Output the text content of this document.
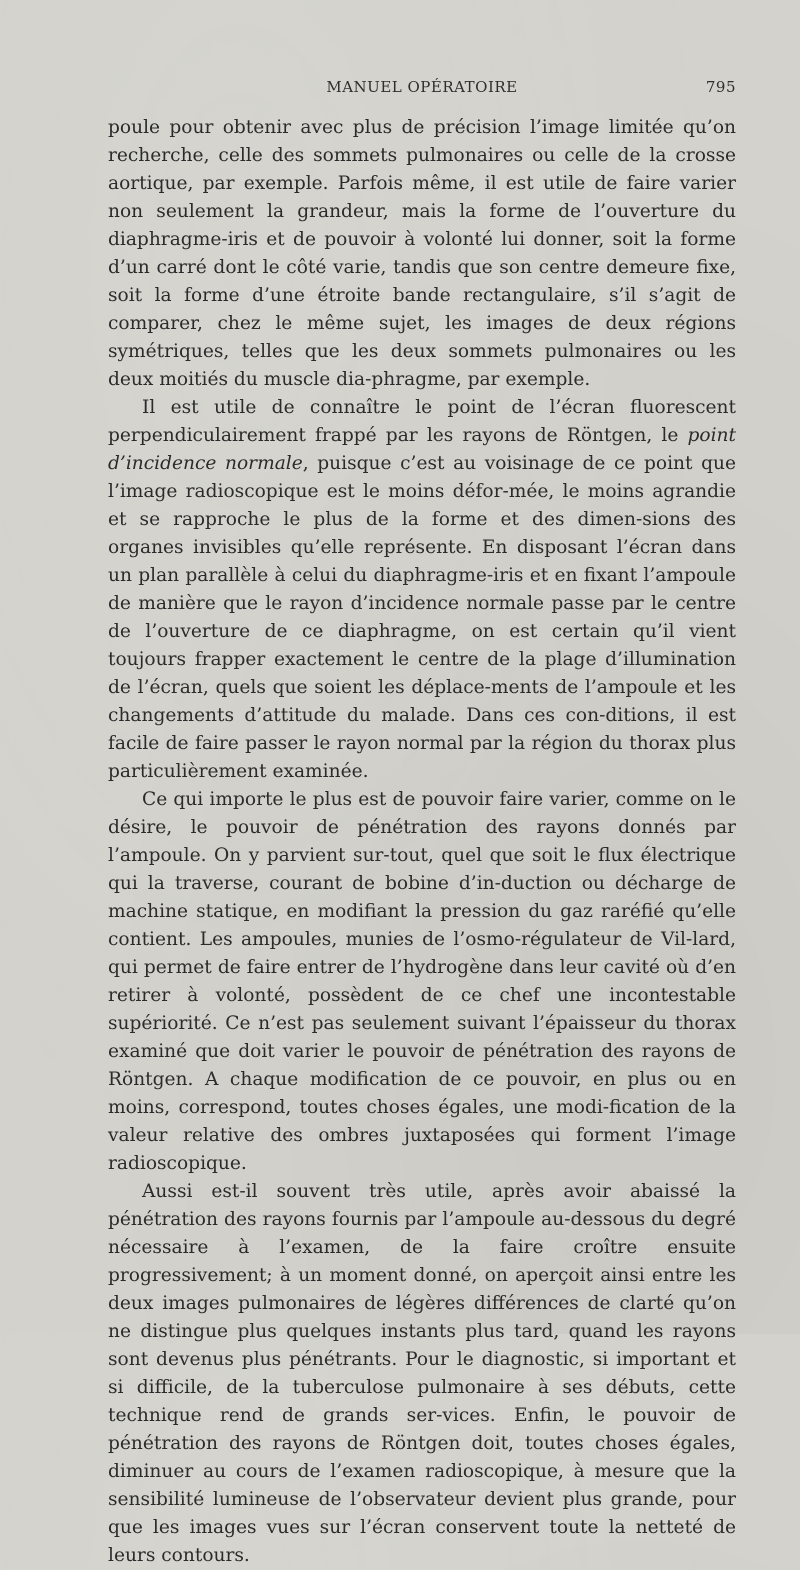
MANUEL OPÉRATOIRE	795

poule pour obtenir avec plus de précision l’image limitée qu’on recherche, celle des sommets pulmonaires ou celle de la crosse aortique, par exemple. Parfois même, il est utile de faire varier non seulement la grandeur, mais la forme de l’ouverture du diaphragme-iris et de pouvoir à volonté lui donner, soit la forme d’un carré dont le côté varie, tandis que son centre demeure fixe, soit la forme d’une étroite bande rectangulaire, s’il s’agit de comparer, chez le même sujet, les images de deux régions symétriques, telles que les deux sommets pulmonaires ou les deux moitiés du muscle dia-phragme, par exemple.

Il est utile de connaître le point de l’écran fluorescent perpendiculairement frappé par les rayons de Röntgen, le point d’incidence normale, puisque c’est au voisinage de ce point que l’image radioscopique est le moins défor-mée, le moins agrandie et se rapproche le plus de la forme et des dimen-sions des organes invisibles qu’elle représente. En disposant l’écran dans un plan parallèle à celui du diaphragme-iris et en fixant l’ampoule de manière que le rayon d’incidence normale passe par le centre de l’ouverture de ce diaphragme, on est certain qu’il vient toujours frapper exactement le centre de la plage d’illumination de l’écran, quels que soient les déplace-ments de l’ampoule et les changements d’attitude du malade. Dans ces con-ditions, il est facile de faire passer le rayon normal par la région du thorax plus particulièrement examinée.

Ce qui importe le plus est de pouvoir faire varier, comme on le désire, le pouvoir de pénétration des rayons donnés par l’ampoule. On y parvient sur-tout, quel que soit le flux électrique qui la traverse, courant de bobine d’in-duction ou décharge de machine statique, en modifiant la pression du gaz raréfié qu’elle contient. Les ampoules, munies de l’osmo-régulateur de Vil-lard, qui permet de faire entrer de l’hydrogène dans leur cavité où d’en retirer à volonté, possèdent de ce chef une incontestable supériorité. Ce n’est pas seulement suivant l’épaisseur du thorax examiné que doit varier le pouvoir de pénétration des rayons de Röntgen. A chaque modification de ce pouvoir, en plus ou en moins, correspond, toutes choses égales, une modi-fication de la valeur relative des ombres juxtaposées qui forment l’image radioscopique.

Aussi est-il souvent très utile, après avoir abaissé la pénétration des rayons fournis par l’ampoule au-dessous du degré nécessaire à l’examen, de la faire croître ensuite progressivement; à un moment donné, on aperçoit ainsi entre les deux images pulmonaires de légères différences de clarté qu’on ne distingue plus quelques instants plus tard, quand les rayons sont devenus plus pénétrants. Pour le diagnostic, si important et si difficile, de la tuberculose pulmonaire à ses débuts, cette technique rend de grands ser-vices. Enfin, le pouvoir de pénétration des rayons de Röntgen doit, toutes choses égales, diminuer au cours de l’examen radioscopique, à mesure que la sensibilité lumineuse de l’observateur devient plus grande, pour que les images vues sur l’écran conservent toute la netteté de leurs contours.
